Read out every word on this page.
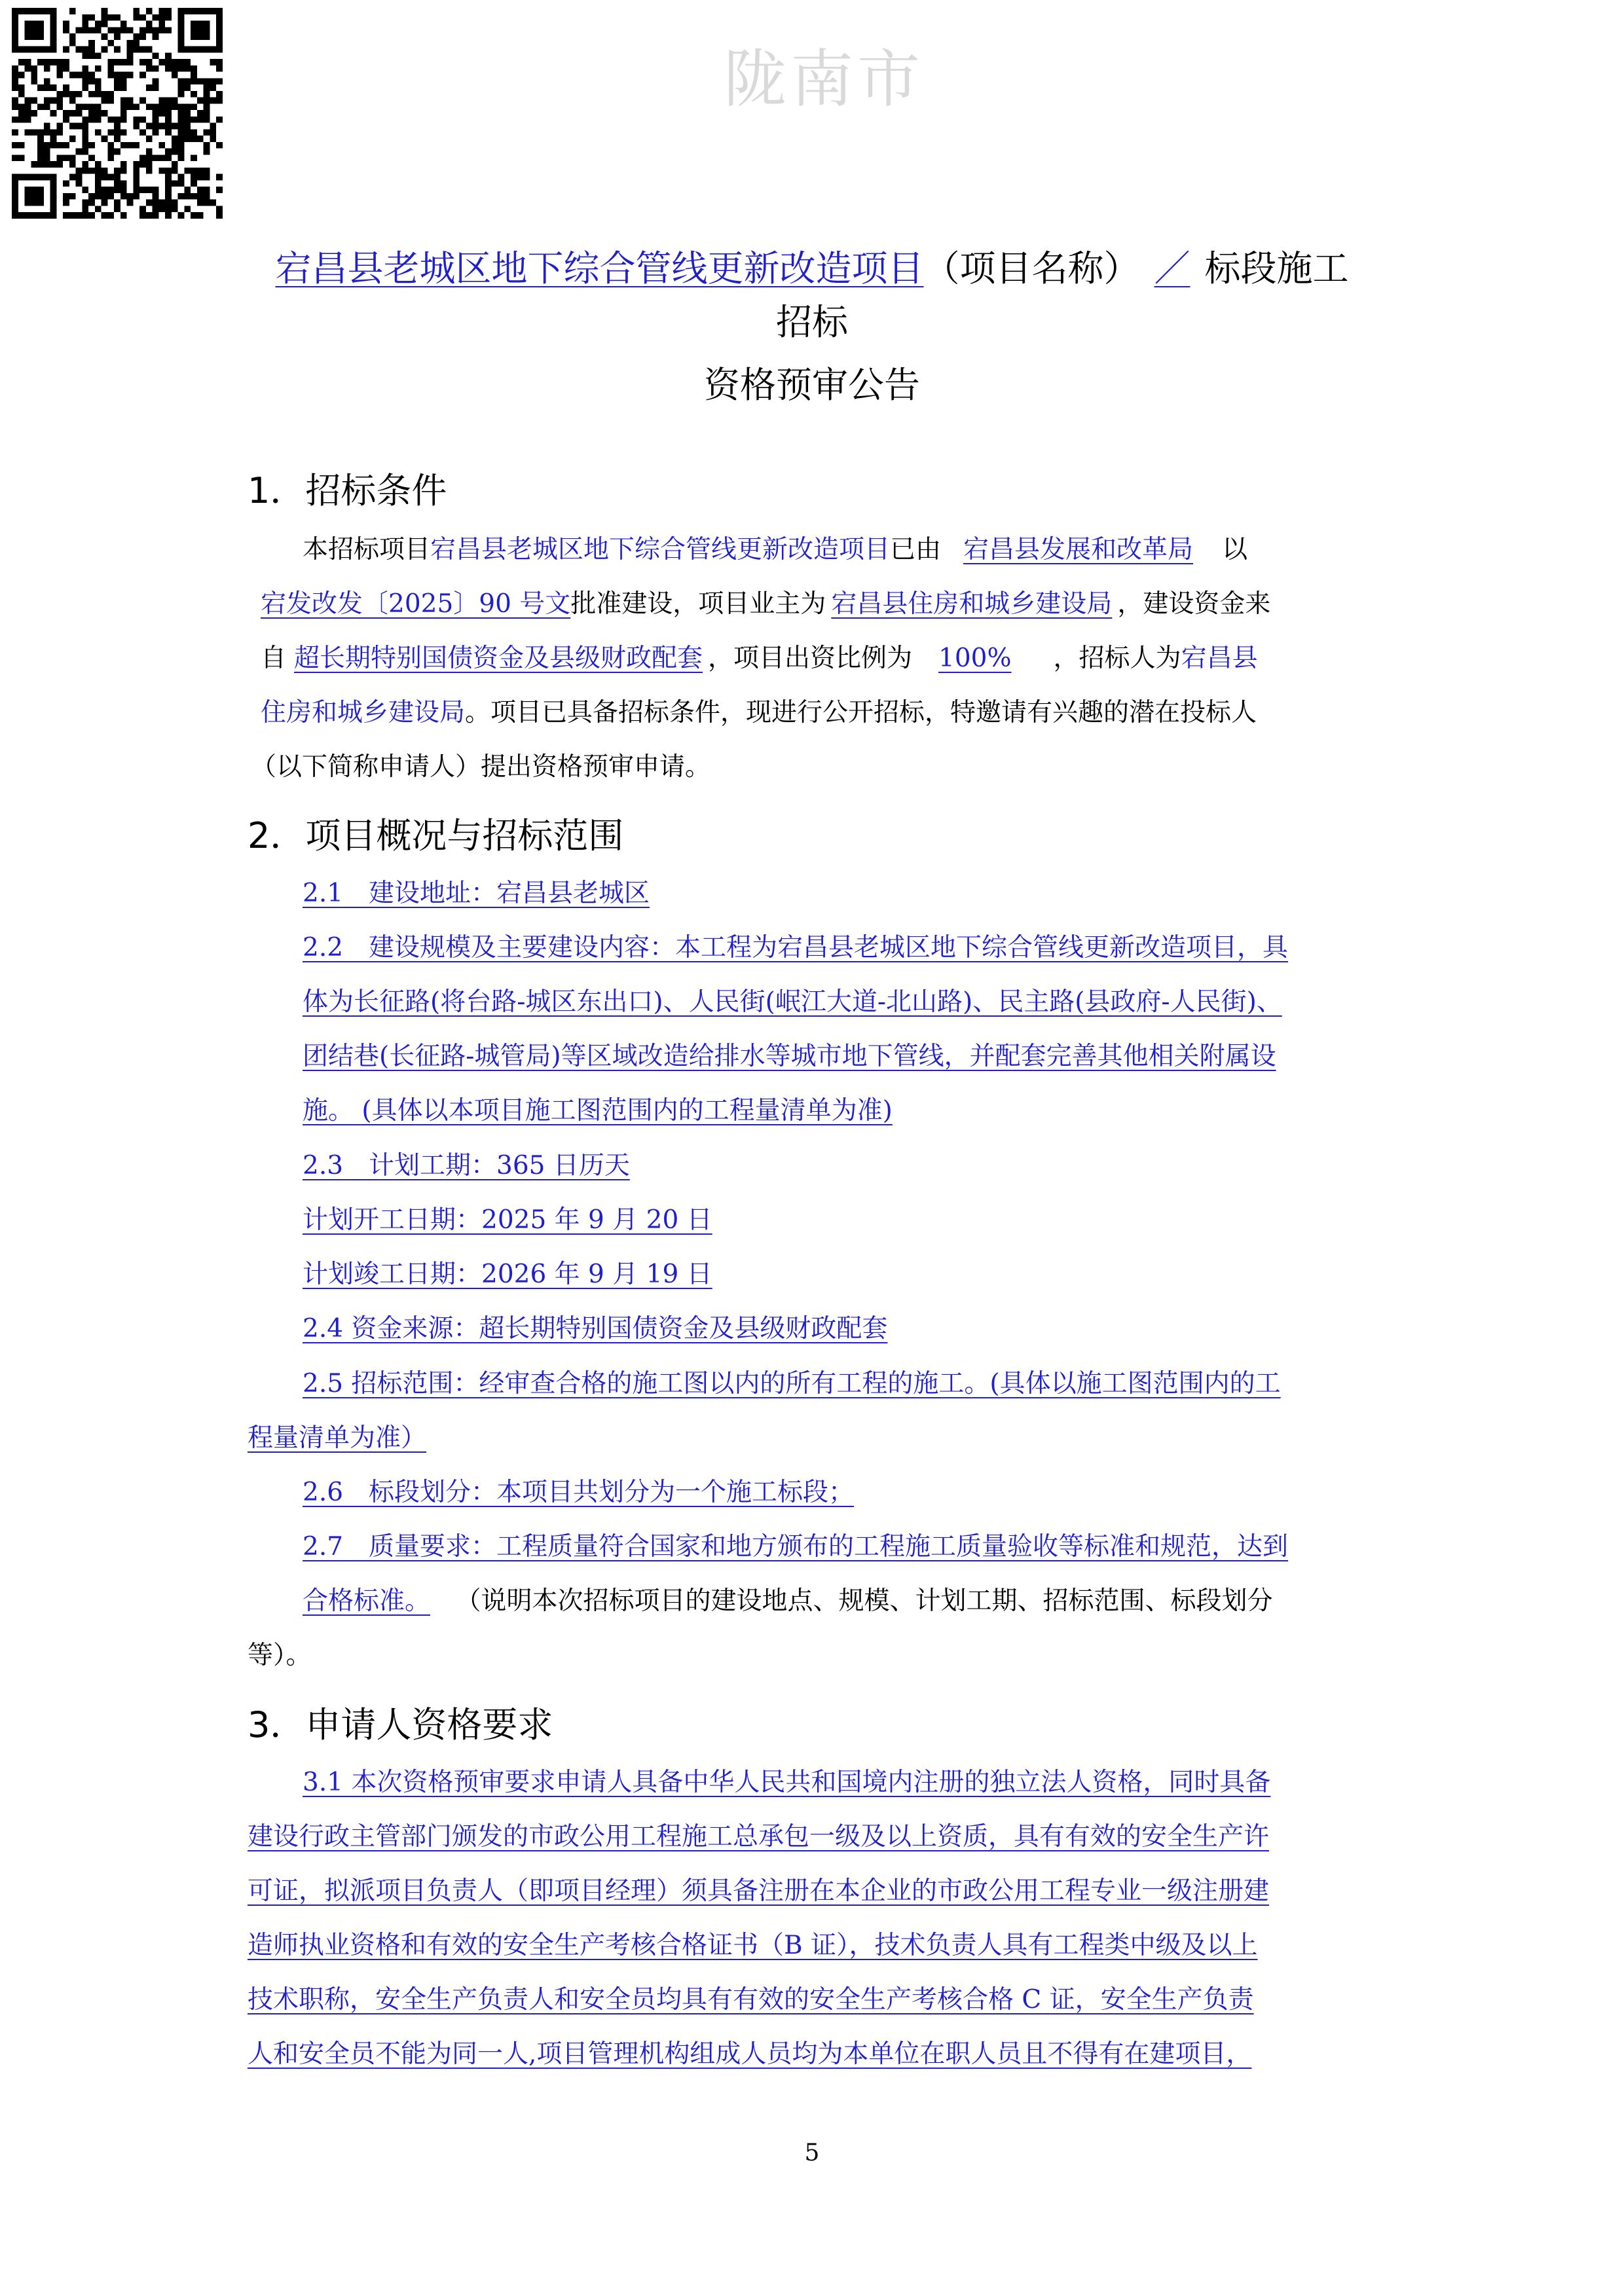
陇南市
宕昌县老城区地下综合管线更新改造项目（项目名称） ／ 标段施工
招标
资格预审公告
1．招标条件
本招标项目宕昌县老城区地下综合管线更新改造项目已由 宕昌县发展和改革局 以
宕发改发〔2025〕90 号文批准建设，项目业主为 宕昌县住房和城乡建设局 ，建设资金来
自 超长期特别国债资金及县级财政配套 ，项目出资比例为 100% ，招标人为宕昌县
住房和城乡建设局。项目已具备招标条件，现进行公开招标，特邀请有兴趣的潜在投标人
（以下简称申请人）提出资格预审申请。
2．项目概况与招标范围
2.1　建设地址：宕昌县老城区
2.2　建设规模及主要建设内容：本工程为宕昌县老城区地下综合管线更新改造项目，具
体为长征路(将台路-城区东出口)、人民街(岷江大道-北山路)、民主路(县政府-人民街)、
团结巷(长征路-城管局)等区域改造给排水等城市地下管线，并配套完善其他相关附属设
施。 (具体以本项目施工图范围内的工程量清单为准)
2.3　计划工期：365 日历天
计划开工日期：2025 年 9 月 20 日
计划竣工日期：2026 年 9 月 19 日
2.4 资金来源：超长期特别国债资金及县级财政配套
2.5 招标范围：经审查合格的施工图以内的所有工程的施工。(具体以施工图范围内的工
程量清单为准）
2.6　标段划分：本项目共划分为一个施工标段；
2.7　质量要求：工程质量符合国家和地方颁布的工程施工质量验收等标准和规范，达到
合格标准。 （说明本次招标项目的建设地点、规模、计划工期、招标范围、标段划分
等）。
3．申请人资格要求
3.1 本次资格预审要求申请人具备中华人民共和国境内注册的独立法人资格，同时具备
建设行政主管部门颁发的市政公用工程施工总承包一级及以上资质，具有有效的安全生产许
可证，拟派项目负责人（即项目经理）须具备注册在本企业的市政公用工程专业一级注册建
造师执业资格和有效的安全生产考核合格证书（B 证），技术负责人具有工程类中级及以上
技术职称，安全生产负责人和安全员均具有有效的安全生产考核合格 C 证，安全生产负责
人和安全员不能为同一人,项目管理机构组成人员均为本单位在职人员且不得有在建项目，
5
